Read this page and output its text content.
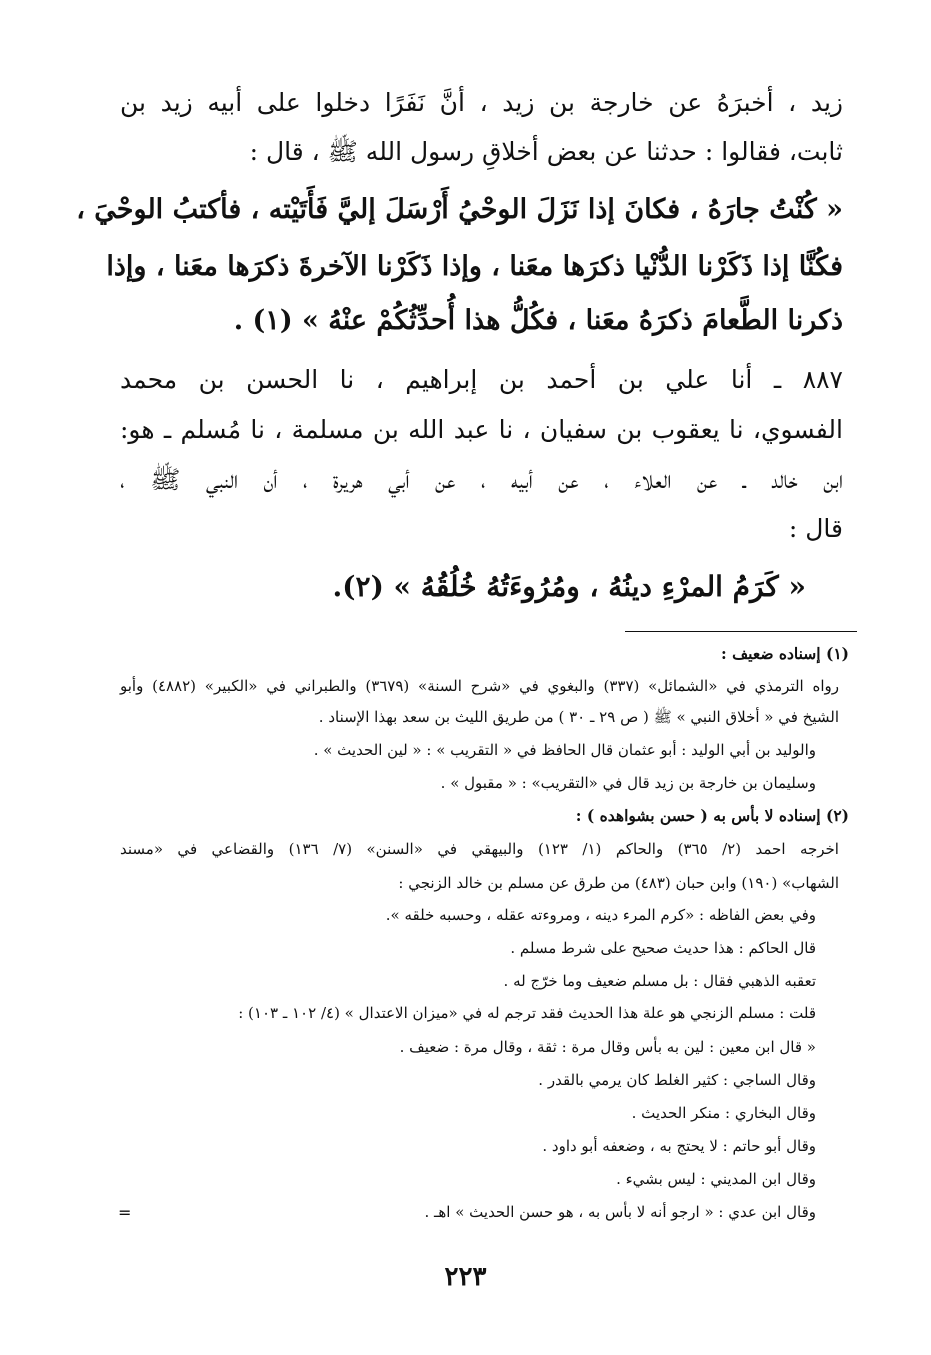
زيد ، أخبرَهُ عن خارجة بن زيد ، أنَّ نَفَرًا دخلوا على أبيه زيد بن
ثابت، فقالوا : حدثنا عن بعض أخلاقِ رسول الله ﷺ ، قال :
« كُنْتُ جارَهُ ، فكانَ إذا نَزَلَ الوحْيُ أَرْسَلَ إليَّ فَأَتَيْته ، فأكتبُ الوحْيَ ،
فكُنَّا إذا ذَكَرْنا الدُّنْيا ذكرَها معَنا ، وإذا ذَكَرْنا الآخرةَ ذكرَها معَنا ، وإذا
ذكرنا الطَّعامَ ذكرَهُ معَنا ، فكُلُّ هذا أُحدِّثُكُمْ عنْهُ » (١) .
٨٨٧ ـ أنا علي بن أحمد بن إبراهيم ، نا الحسن بن محمد
الفسوي، نا يعقوب بن سفيان ، نا عبد الله بن مسلمة ، نا مُسلم ـ هو:
ابن خالد ـ عن العلاء ، عن أبيه ، عن أبي هريرة ، أن النبي ﷺ ،
قال :
« كَرَمُ المرْءِ دينُهُ ، ومُرُوءَتُهُ خُلُقُهُ » (٢).
(١) إسناده ضعيف :
رواه الترمذي في «الشمائل» (٣٣٧) والبغوي في «شرح السنة» (٣٦٧٩) والطبراني في «الكبير» (٤٨٨٢) وأبو
الشيخ في « أخلاق النبي » ﷺ ( ص ٢٩ ـ ٣٠ ) من طريق الليث بن سعد بهذا الإسناد .
والوليد بن أبي الوليد : أبو عثمان قال الحافظ في « التقريب » : « لين الحديث » .
وسليمان بن خارجة بن زيد قال في «التقريب» : « مقبول » .
(٢) إسناده لا بأس به ( حسن بشواهده ) :
اخرجه احمد (٢/ ٣٦٥) والحاكم (١/ ١٢٣) والبيهقي في «السنن» (٧/ ١٣٦) والقضاعي في «مسند
الشهاب» (١٩٠) وابن حبان (٤٨٣) من طرق عن مسلم بن خالد الزنجي :
وفي بعض الفاظه : «كرم المرء دينه ، ومروءته عقله ، وحسبه خلقه ».
قال الحاكم : هذا حديث صحيح على شرط مسلم .
تعقبه الذهبي فقال : بل مسلم ضعيف وما خرّج له .
قلت : مسلم الزنجي هو علة هذا الحديث فقد ترجم له في «ميزان الاعتدال » (٤/ ١٠٢ ـ ١٠٣) :
« قال ابن معين : لين به بأس وقال مرة : ثقة ، وقال مرة : ضعيف .
وقال الساجي : كثير الغلط كان يرمي بالقدر .
وقال البخاري : منكر الحديث .
وقال أبو حاتم : لا يحتج به ، وضعفه أبو داود .
وقال ابن المديني : ليس بشيء .
وقال ابن عدي : « ارجو أنه لا بأس به ، هو حسن الحديث » اهـ .
=
٢٢٣
